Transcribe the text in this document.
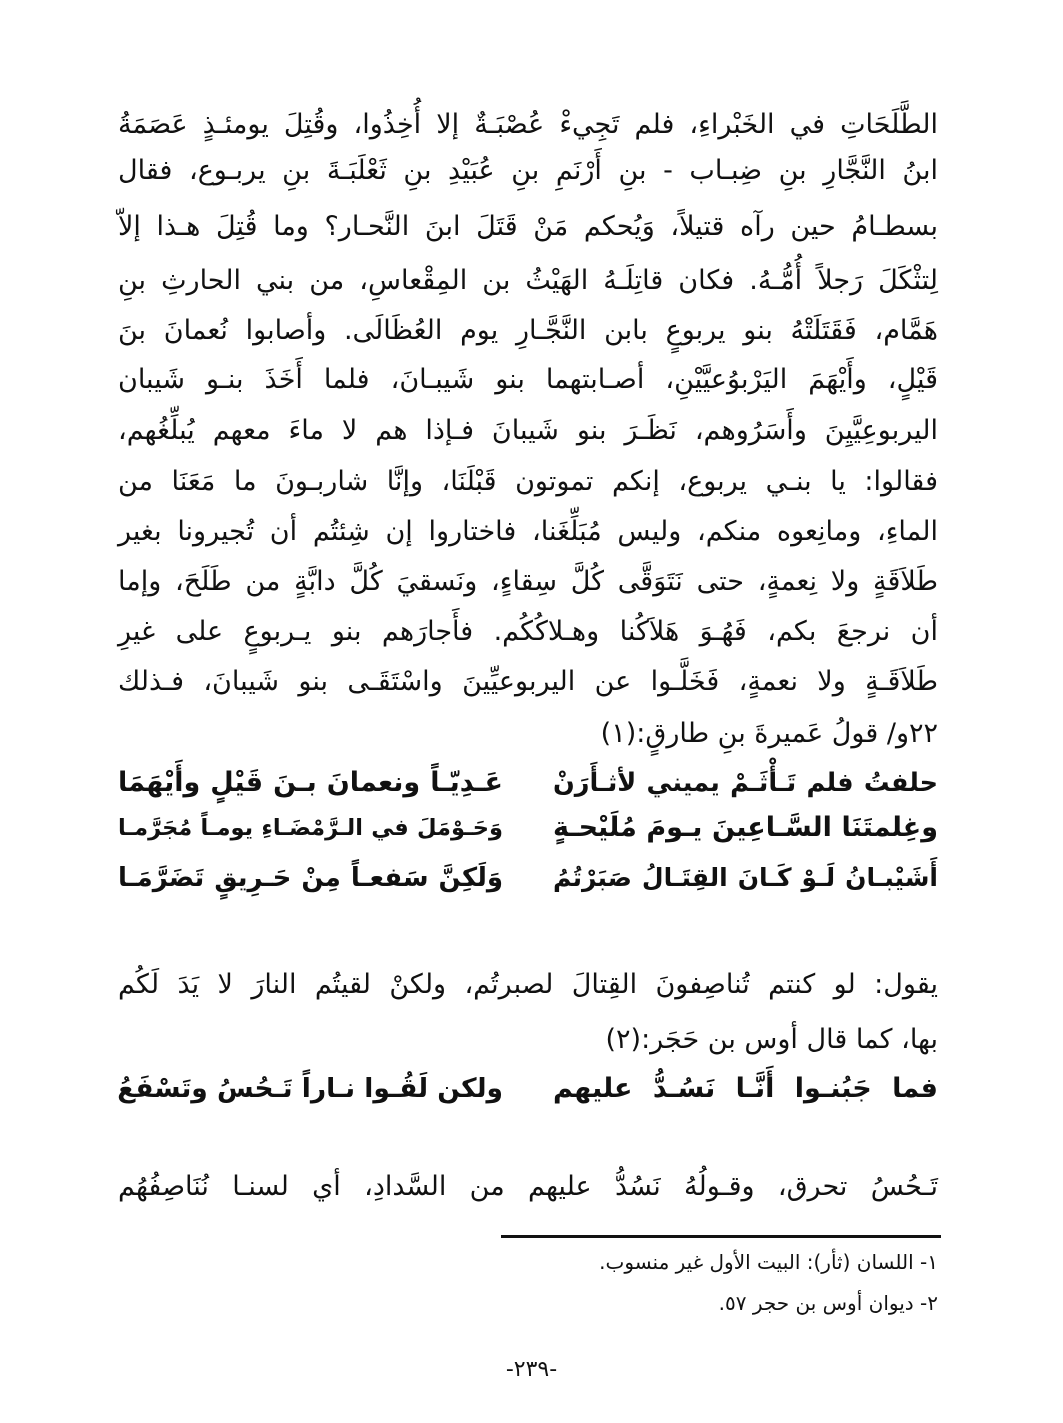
الطَّلَحَاتِ في الخَبْراءِ، فلم تَجِيءْ عُصْبَـةٌ إلا أُخِذُوا، وقُتِلَ يومئـذٍ عَصَمَةُ
ابنُ النَّجَّارِ بنِ ضِبـاب - بنِ أَرْنَمِ بنِ عُبَيْدِ بنِ ثَعْلَبَـةَ بنِ يربـوع، فقال
بسطـامُ حين رآه قتيلاً، وَيُحكم مَنْ قَتَلَ ابنَ النَّحـار؟ وما قُتِلَ هـذا إلاّ
لِتثْكَلَ رَجلاً أُمُّـهُ. فكان قاتِلَـهُ الهَيْثُ بن المِقْعاسِ، من بني الحارثِ بنِ
هَمَّام، فَقَتَلَتْهُ بنو يربوعٍ بابن النَّجَّـارِ يوم العُظَالَى. وأصابوا نُعمانَ بنَ
قَيْلٍ، وأَيْهَمَ اليَرْبوُعيَّيْنِ، أصـابتهما بنو شَيبـانَ، فلما أَخَذَ بنـو شَيبان
اليربوعِيَّيِنَ وأَسَرُوهم، نَظَـرَ بنو شَيبانَ فـإذا هم لا ماءَ معهم يُبلِّغُهم،
فقالوا: يا بنـي يربوع، إنكم تموتون قَبْلَنَا، وإنَّا شاربـونَ ما مَعَنَا من
الماءِ، ومانِعوه منكم، وليس مُبَلِّغَنا، فاختاروا إن شِئتُم أن تُجيرونا بغير
طَلاَقَةٍ ولا نِعمةٍ، حتى نَتَوَقَّى كُلَّ سِقاءٍ، ونَسقيَ كُلَّ دابَّةٍ من طَلَحَ، وإما
أن نرجعَ بكم، فَهُـوَ هَلاَكُنا وهـلاكُكُم. فأَجارَهم بنو يـربوعٍ على غيرِ
طَلاَقَـةٍ ولا نعمةٍ، فَخَلَّـوا عن اليربوعيِّينَ واسْتَقَـى بنو شَيبانَ، فـذلك
٢٢و/ قولُ عَميرةَ بنِ طارقٍ:(١)
حلفتُ فلم تَـأْثَـمْ يميني لأثـأَرَنْ
عَـدِيّـاً ونعمانَ بـنَ قَيْلٍ وأَيْهَمَا
وغِلمتَنَا السَّـاعِينَ يـومَ مُلَيْحـةٍ
وَحَـوْمَلَ في الـرَّمْضَـاءِ يومـاً مُجَرَّمـا
أَشَيْبـانُ لَـوْ كَـانَ القِتَـالُ صَبَرْتُمُ
وَلَكِنَّ سَفعـاً مِنْ حَـرِيقٍ تَضَرَّمَـا
يقول: لو كنتم تُناصِفونَ القِتالَ لصبرتُم، ولكنْ لقيتُم النارَ لا يَدَ لَكُم
بها، كما قال أوس بن حَجَر:(٢)
فما جَبُنـوا أَنَّـا نَسُـدُّ عليهم
ولكن لَقُـوا نـاراً تَـحُسُ وتَسْفَعُ
تَـحُسُ تحرق، وقـولُهُ نَسُدُّ عليهم من السَّدادِ، أي لسنـا نُنَاصِفُهُم
١- اللسان (ثأر): البيت الأول غير منسوب.
٢- ديوان أوس بن حجر ٥٧.
-٢٣٩-
